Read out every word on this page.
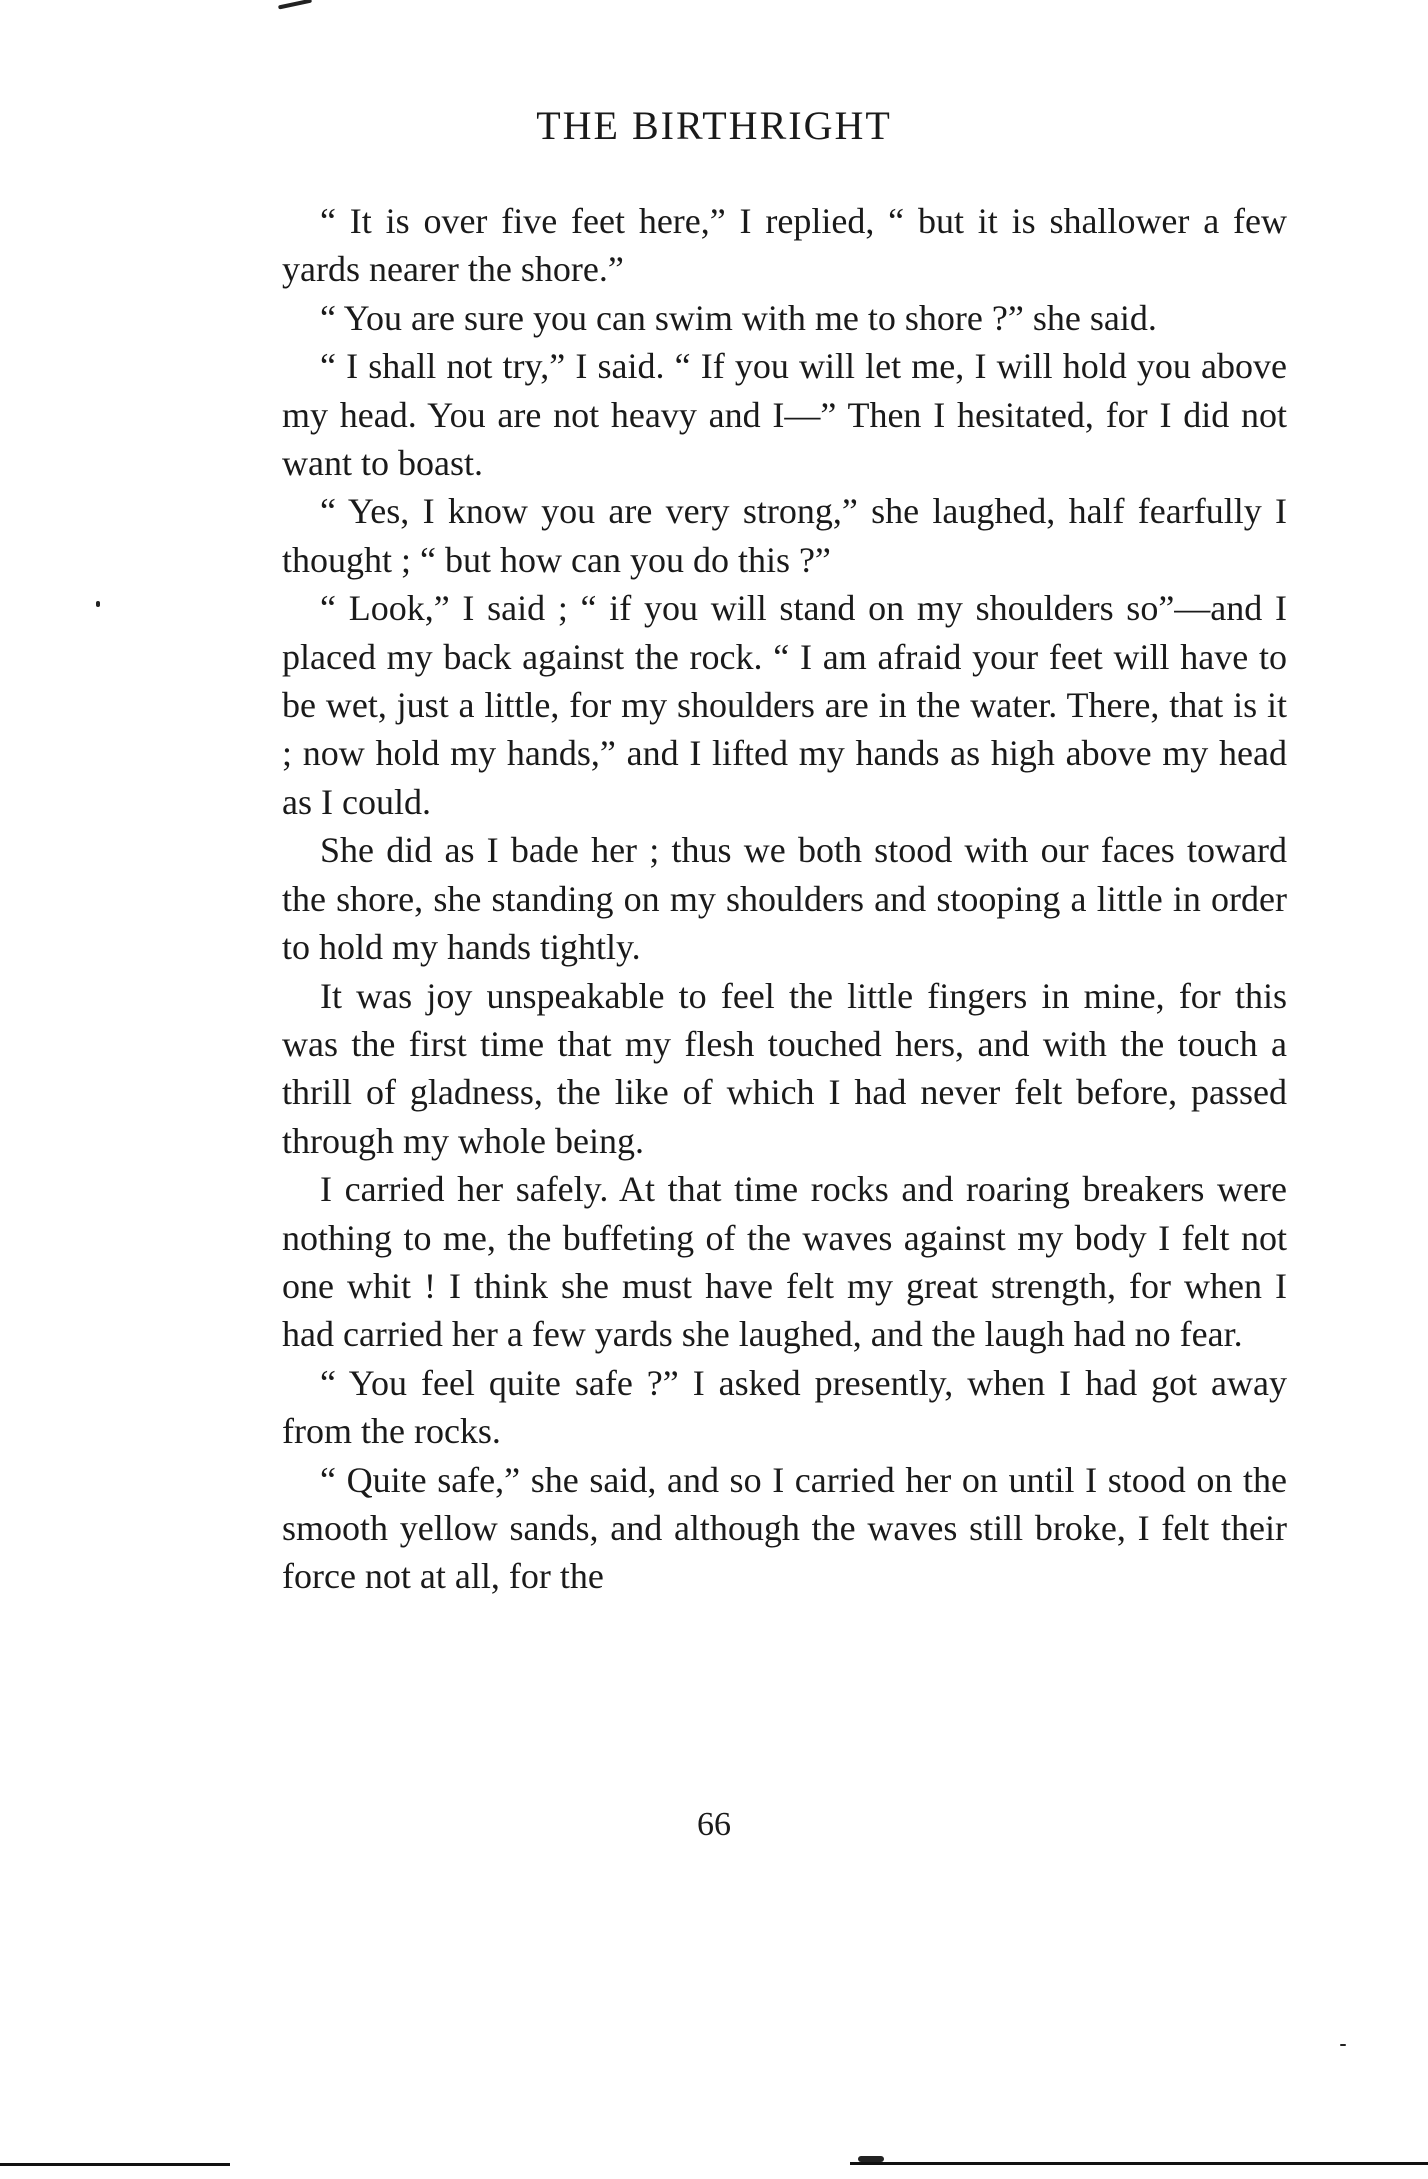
THE BIRTHRIGHT

“ It is over five feet here,” I replied, “ but it is shallower a few yards nearer the shore.”

“ You are sure you can swim with me to shore ?” she said.

“ I shall not try,” I said. “ If you will let me, I will hold you above my head. You are not heavy and I—” Then I hesitated, for I did not want to boast.

“ Yes, I know you are very strong,” she laughed, half fearfully I thought ; “ but how can you do this ?”

“ Look,” I said ; “ if you will stand on my shoulders so”—and I placed my back against the rock. “ I am afraid your feet will have to be wet, just a little, for my shoulders are in the water. There, that is it ; now hold my hands,” and I lifted my hands as high above my head as I could.

She did as I bade her ; thus we both stood with our faces toward the shore, she standing on my shoulders and stooping a little in order to hold my hands tightly.

It was joy unspeakable to feel the little fingers in mine, for this was the first time that my flesh touched hers, and with the touch a thrill of gladness, the like of which I had never felt before, passed through my whole being.

I carried her safely. At that time rocks and roaring breakers were nothing to me, the buffeting of the waves against my body I felt not one whit ! I think she must have felt my great strength, for when I had carried her a few yards she laughed, and the laugh had no fear.

“ You feel quite safe ?” I asked presently, when I had got away from the rocks.

“ Quite safe,” she said, and so I carried her on until I stood on the smooth yellow sands, and although the waves still broke, I felt their force not at all, for the

66
